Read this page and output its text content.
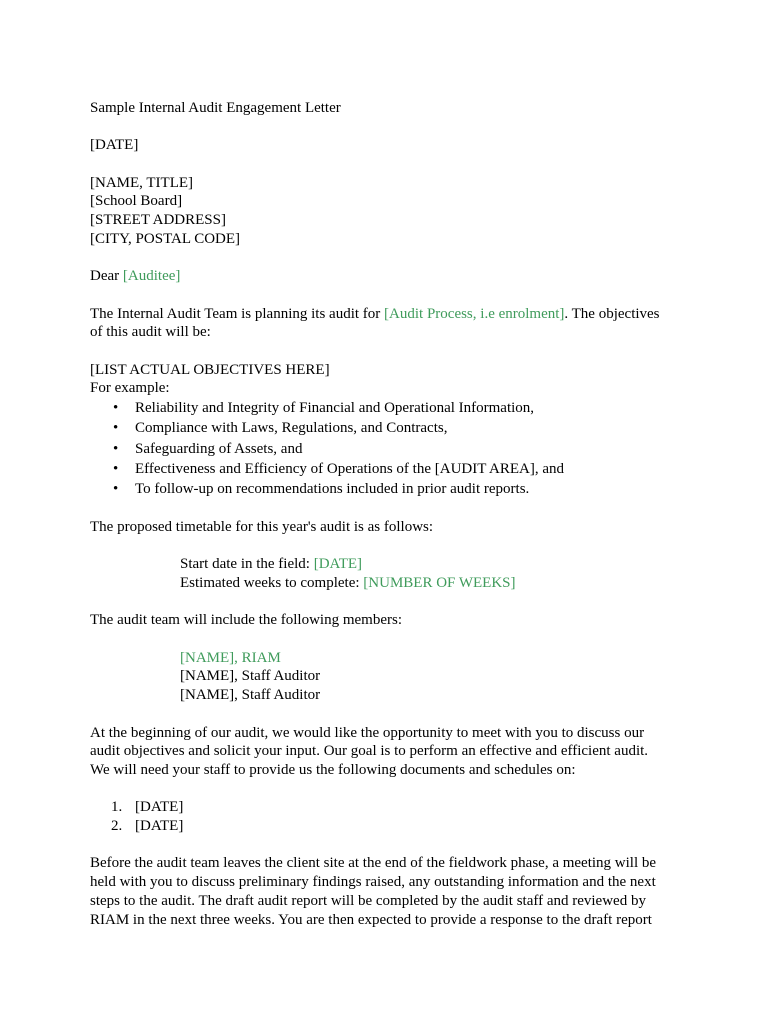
Sample Internal Audit Engagement Letter

[DATE]

[NAME, TITLE]
[School Board]
[STREET ADDRESS]
[CITY, POSTAL CODE]

Dear [Auditee]

The Internal Audit Team is planning its audit for [Audit Process, i.e enrolment]. The objectives
of this audit will be:

[LIST ACTUAL OBJECTIVES HERE]
For example:
• Reliability and Integrity of Financial and Operational Information,
• Compliance with Laws, Regulations, and Contracts,
• Safeguarding of Assets, and
• Effectiveness and Efficiency of Operations of the [AUDIT AREA], and
• To follow-up on recommendations included in prior audit reports.

The proposed timetable for this year's audit is as follows:

Start date in the field: [DATE]
Estimated weeks to complete: [NUMBER OF WEEKS]

The audit team will include the following members:

[NAME], RIAM
[NAME], Staff Auditor
[NAME], Staff Auditor

At the beginning of our audit, we would like the opportunity to meet with you to discuss our
audit objectives and solicit your input. Our goal is to perform an effective and efficient audit.
We will need your staff to provide us the following documents and schedules on:

1. [DATE]
2. [DATE]

Before the audit team leaves the client site at the end of the fieldwork phase, a meeting will be
held with you to discuss preliminary findings raised, any outstanding information and the next
steps to the audit. The draft audit report will be completed by the audit staff and reviewed by
RIAM in the next three weeks. You are then expected to provide a response to the draft report
